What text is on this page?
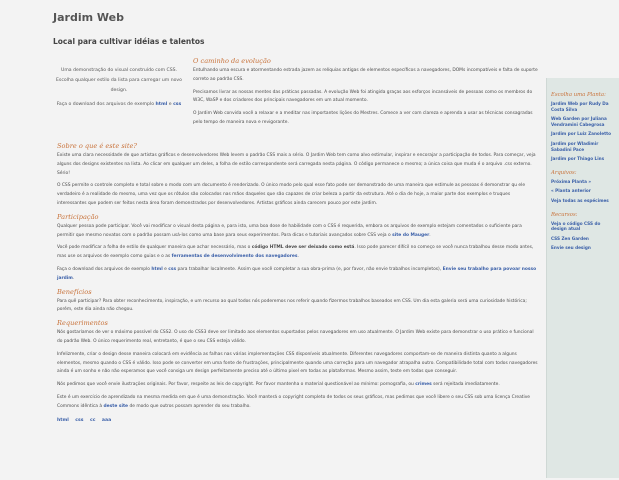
Jardim Web
Local para cultivar idéias e talentos

Uma demonstração do visual construído com CSS. Escolha qualquer estilo da lista para carregar um novo design.

Faça o download dos arquivos de exemplo html e css

O caminho da evolução

Entulhando uma escura e atormentando estrada jazem as relíquias antigas de elementos específicos a navegadores, DOMs incompatíveis e falta de suporte correto ao padrão CSS.

Precisamos livrar as nossas mentes das práticas passadas. A evolução Web foi atingida graças aos esforços incansáveis de pessoas como os membros do W3C, WaSP e dos criadores dos principais navegadores em um atual momento.

O Jardim Web convida você a relaxar e a meditar nas importantes lições do Mestres. Comece a ver com clareza e aprenda a usar as técnicas consagradas pelo tempo de maneira nova e revigorante.

Sobre o que é este site?

Existe uma clara necessidade de que artistas gráficos e desenvolvedores Web levem o padrão CSS mais a sério. O Jardim Web tem como alvo estimular, inspirar e encorajar a participação de todos. Para começar, veja alguns dos designs existentes na lista. Ao clicar em qualquer um deles, a folha de estilo correspondente será carregada nesta página. O código permanece o mesmo; a única coisa que muda é o arquivo .css externo. Sério!

O CSS permite o controle completo e total sobre o modo com um documento é renderizado. O único modo pelo qual esse fato pode ser demonstrado de uma maneira que estimule as pessoas é demonstrar qu ele verdadeiro é a realidade do mesmo, uma vez que os rótulos são colocados nas mãos daqueles que são capazes de criar beleza a partir da estrutura. Até o dia de hoje, a maior parte dos exemplos e truques interessantes que podem ser feitos nesta área foram demonstrados por desenvolvedores. Artistas gráficos ainda carecem pouco por este jardim.

Participação

Qualquer pessoa pode participar. Você vai modificar o visual desta página e, para isto, uma boa dose de habilidade com o CSS é requerida, embora os arquivos de exemplo estejam comentados o suficiente para permitir que mesmo novatos com o padrão possam usá-los como uma base para seus experimentos. Para dicas e tutoriais avançados sobre CSS veja o site do Mauger.

Você pode modificar a folha de estilo de qualquer maneira que achar necessário, mas o código HTML deve ser deixado como está. Isso pode parecer difícil no começo se você nunca trabalhou desse modo antes, mas use os arquivos de exemplo como guias e o as ferramentas de desenvolvimento dos navegadores.

Faça o download dos arquivos de exemplo html e css para trabalhar localmente. Assim que você completar a sua obra-prima (e, por favor, não envie trabalhos incompletos), Envie seu trabalho para povoar nosso jardim.

Benefícios

Para quê participar? Para obter reconhecimento, inspiração, e um recurso ao qual todos nós poderemos nos referir quando fizermos trabalhos baseados em CSS. Um dia esta galeria será uma curiosidade histórica; porém, este dia ainda não chegou.

Requerimentos

Nós gostaríamos de ver o máximo possível do CSS2. O uso do CSS3 deve ser limitado aos elementos suportados pelos navegadores em uso atualmente. O Jardim Web existe para demonstrar o uso prático e funcional do padrão Web. O único requerimento real, entretanto, é que o seu CSS esteja válido.

Infelizmente, criar o design desse maneira colocará em evidência as falhas nas várias implementações CSS disponíveis atualmente. Diferentes navegadores comportam-se de maneira distinta quanto a alguns elementos, mesmo quando o CSS é válido. Isso pode se converter em uma fonte de frustrações, principalmente quando uma correção para um navegador atrapalha outro. Compatibilidade total com todos navegadores ainda é um sonho e não não esperamos que você consiga um design perfeitamente preciso até o último pixel em todas as plataformas. Mesmo assim, teste em todas que conseguir.

Nós pedimos que você envie ilustrações originais. Por favor, respeite as leis de copyright. Por favor mantenha o material questionável ao mínimo: pornografia, ou crimes será rejeitada imediatamente.

Este é um exercício de aprendizado na mesma medida em que é uma demonstração. Você manterá o copyright completo de todos os seus gráficos, mas pedimos que você libere o seu CSS sob uma licença Creative Commons idêntica à deste site de modo que outros possam aprender do seu trabalho.

html css cc aaa
Escolha uma Planta:
Jardim Web por Rudy Da Costa Silva
Web Garden por Juliana Vendramini Cabegrosa
Jardim por Luiz Zanoletto
Jardim por Wladimir Sabadini Pace
Jardim por Thiago Lins
Arquivos:
Próxima Planta »
« Planta anterior
Veja todas as espécimes
Recursos:
Veja o código CSS do design atual
CSS Zen Garden
Envie seu design
